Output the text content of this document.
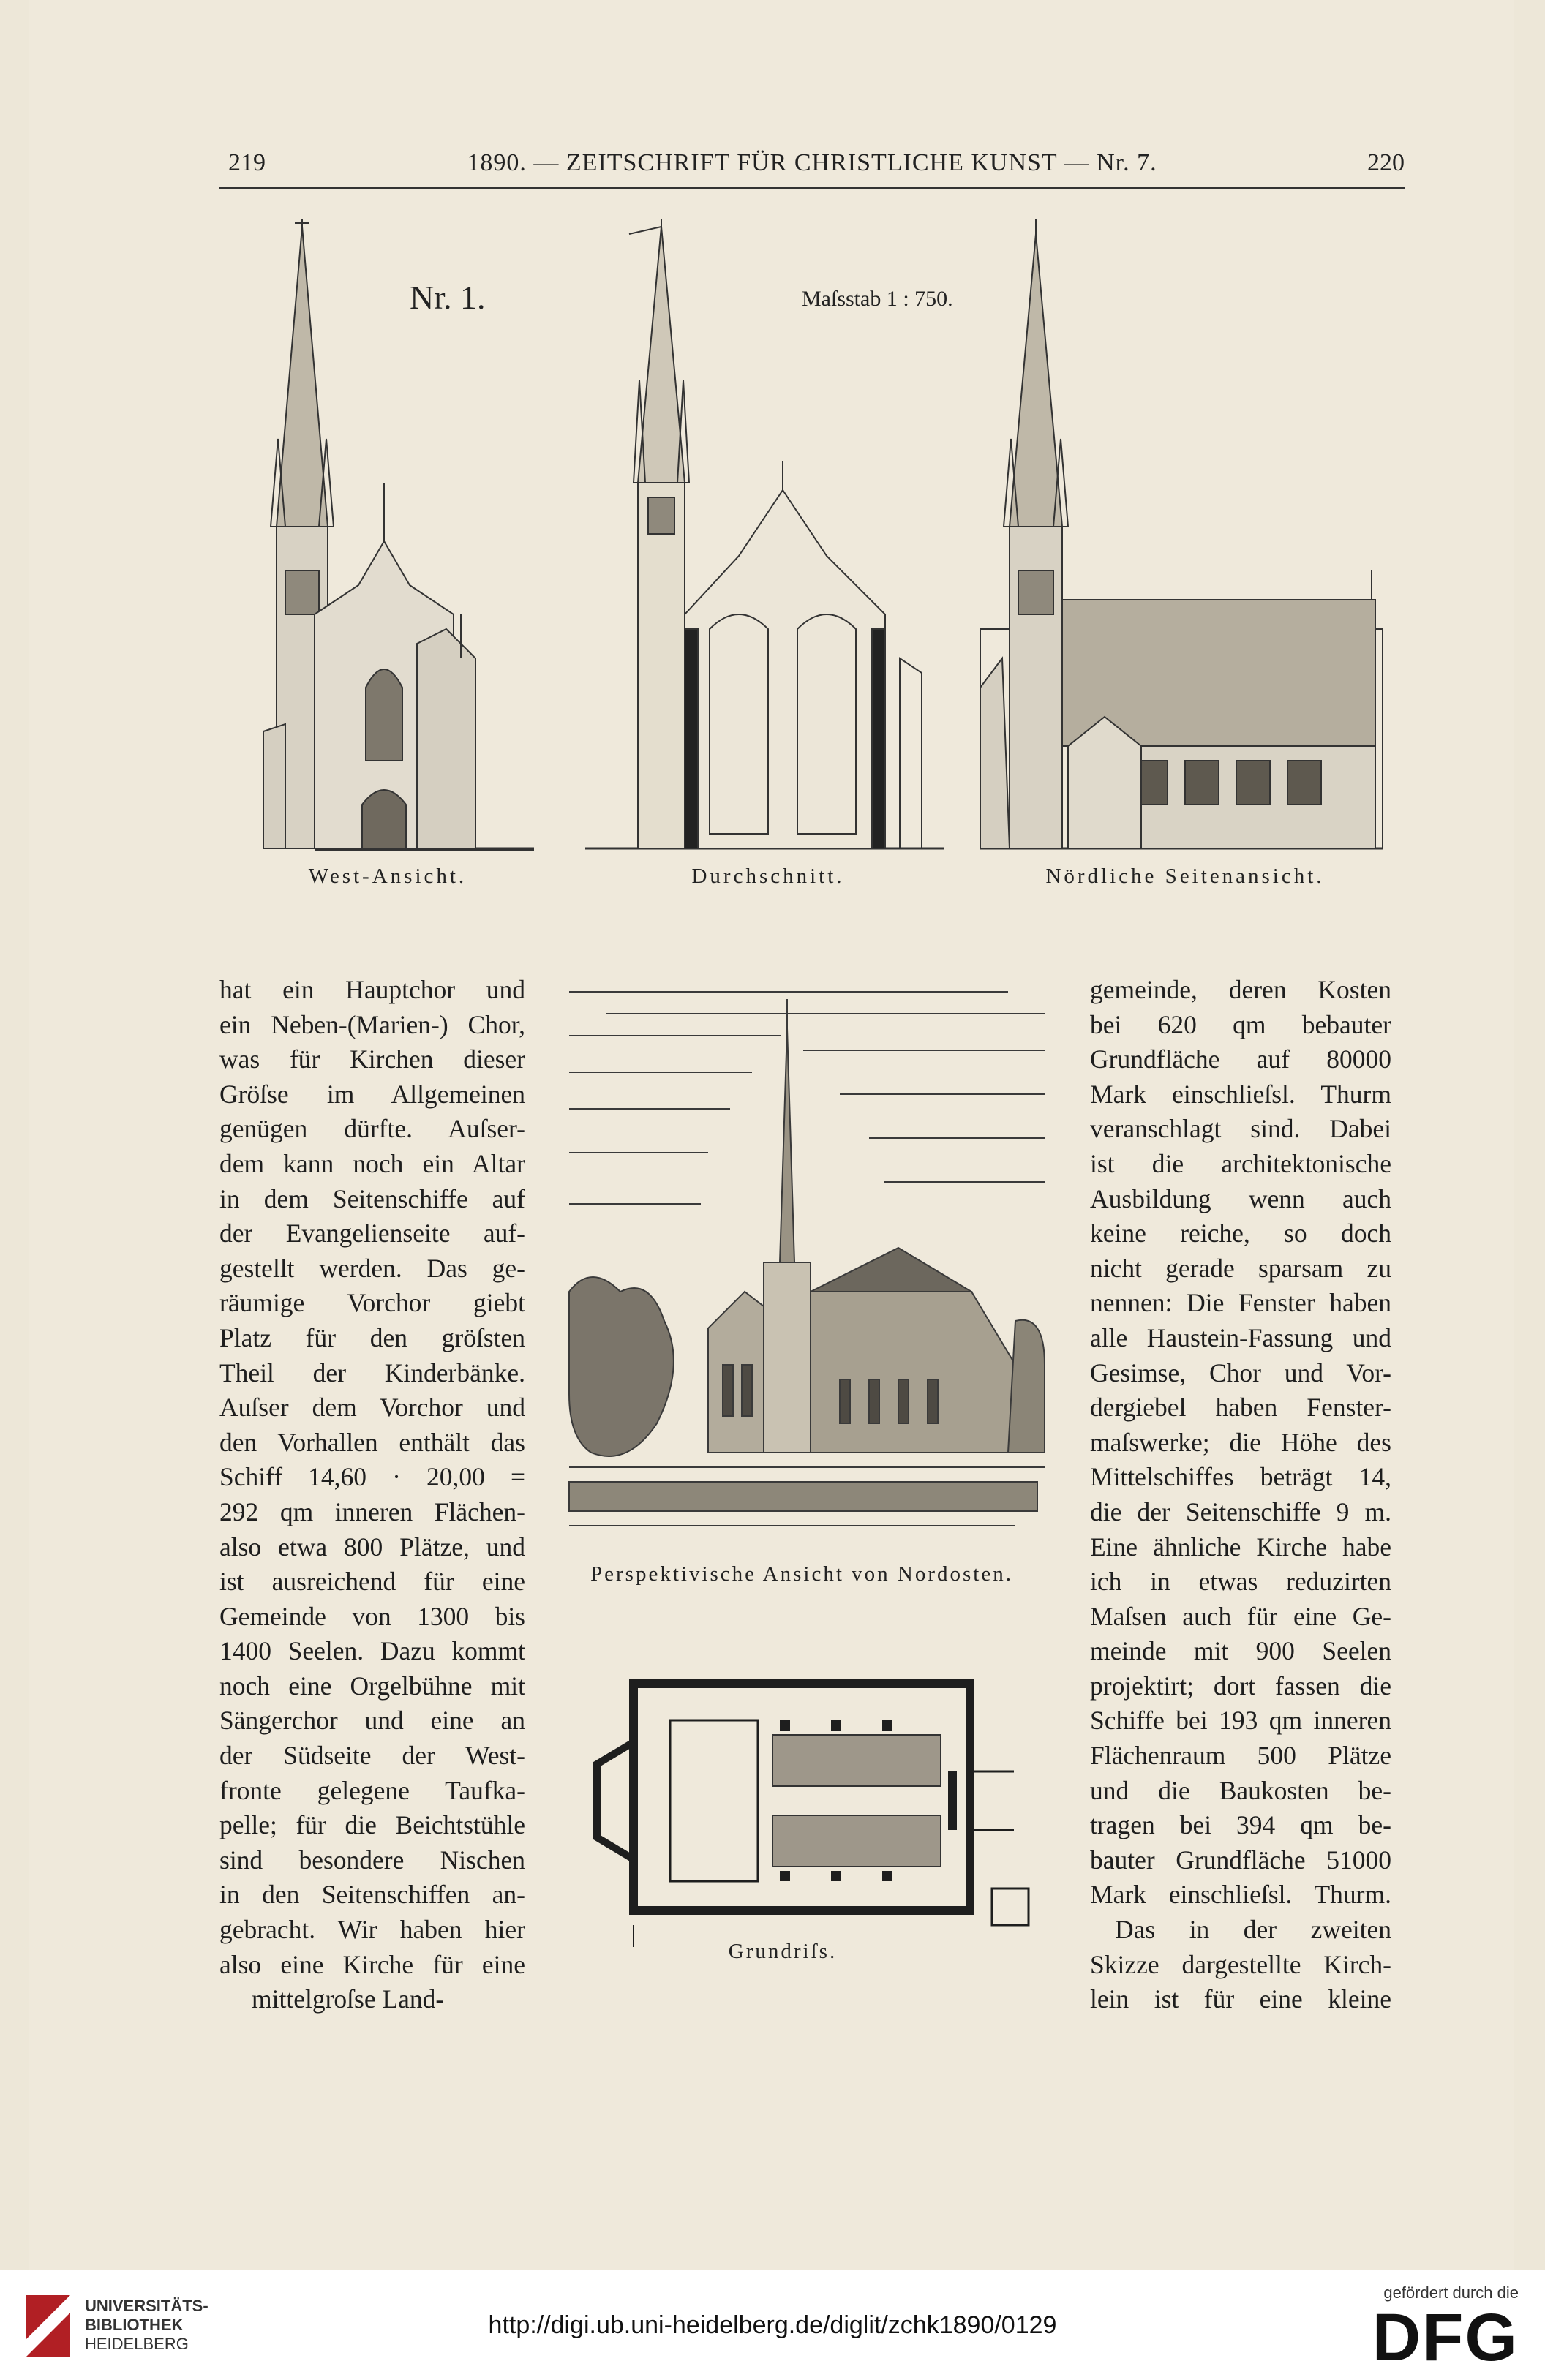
219	1890. — ZEITSCHRIFT FÜR CHRISTLICHE KUNST — Nr. 7.	220
Nr. 1.	Maſsstab 1 : 750.
West-Ansicht.	Durchschnitt.	Nördliche Seitenansicht.
hat ein Hauptchor und
ein Neben-(Marien-) Chor,
was für Kirchen dieser
Gröſse im Allgemeinen
genügen dürfte. Auſser-
dem kann noch ein Altar
in dem Seitenschiffe auf
der Evangelienseite auf-
gestellt werden. Das ge-
räumige Vorchor giebt
Platz für den gröſsten
Theil der Kinderbänke.
Auſser dem Vorchor und
den Vorhallen enthält das
Schiff 14,60 · 20,00 =
292 qm inneren Flächen-
also etwa 800 Plätze, und
ist ausreichend für eine
Gemeinde von 1300 bis
1400 Seelen. Dazu kommt
noch eine Orgelbühne mit
Sängerchor und eine an
der Südseite der West-
fronte gelegene Taufka-
pelle; für die Beichtstühle
sind besondere Nischen
in den Seitenschiffen an-
gebracht. Wir haben hier
also eine Kirche für eine
mittelgroſse Land-
Perspektivische Ansicht von Nordosten.
Grundriſs.
gemeinde, deren Kosten
bei 620 qm bebauter
Grundfläche auf 80000
Mark einschlieſsl. Thurm
veranschlagt sind. Dabei
ist die architektonische
Ausbildung wenn auch
keine reiche, so doch
nicht gerade sparsam zu
nennen: Die Fenster haben
alle Haustein-Fassung und
Gesimse, Chor und Vor-
dergiebel haben Fenster-
maſswerke; die Höhe des
Mittelschiffes beträgt 14,
die der Seitenschiffe 9 m.
Eine ähnliche Kirche habe
ich in etwas reduzirten
Maſsen auch für eine Ge-
meinde mit 900 Seelen
projektirt; dort fassen die
Schiffe bei 193 qm inneren
Flächenraum 500 Plätze
und die Baukosten be-
tragen bei 394 qm be-
bauter Grundfläche 51000
Mark einschlieſsl. Thurm.
Das in der zweiten
Skizze dargestellte Kirch-
lein ist für eine kleine
UNIVERSITÄTS-
BIBLIOTHEK
HEIDELBERG
http://digi.ub.uni-heidelberg.de/diglit/zchk1890/0129
gefördert durch die
DFG
